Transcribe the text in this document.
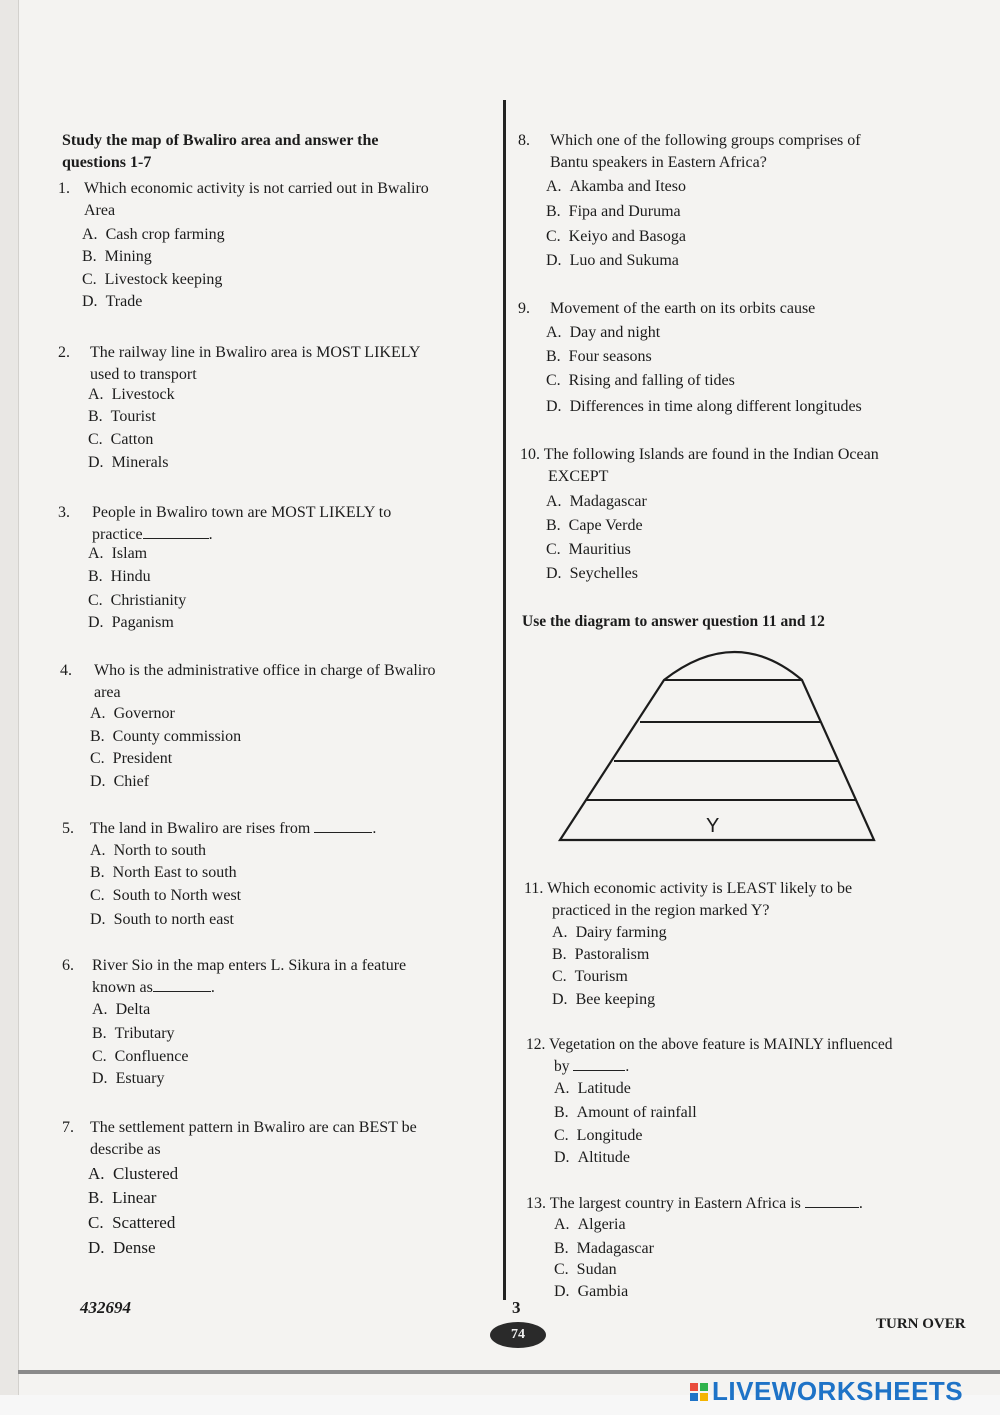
Study the map of Bwaliro area and answer the
questions 1-7
1. Which economic activity is not carried out in Bwaliro
Area
A. Cash crop farming
B. Mining
C. Livestock keeping
D. Trade
2. The railway line in Bwaliro area is MOST LIKELY
used to transport
A. Livestock
B. Tourist
C. Catton
D. Minerals
3. People in Bwaliro town are MOST LIKELY to
practice	.
A. Islam
B. Hindu
C. Christianity
D. Paganism
4. Who is the administrative office in charge of Bwaliro
area
A. Governor
B. County commission
C. President
D. Chief
5. The land in Bwaliro are rises from	.
A. North to south
B. North East to south
C. South to North west
D. South to north east
6. River Sio in the map enters L. Sikura in a feature
known as	.
A. Delta
B. Tributary
C. Confluence
D. Estuary
7. The settlement pattern in Bwaliro are can BEST be
describe as
A. Clustered
B. Linear
C. Scattered
D. Dense
8. Which one of the following groups comprises of
Bantu speakers in Eastern Africa?
A. Akamba and Iteso
B. Fipa and Duruma
C. Keiyo and Basoga
D. Luo and Sukuma
9. Movement of the earth on its orbits cause
A. Day and night
B. Four seasons
C. Rising and falling of tides
D. Differences in time along different longitudes
10. The following Islands are found in the Indian Ocean
EXCEPT
A. Madagascar
B. Cape Verde
C. Mauritius
D. Seychelles
Use the diagram to answer question 11 and 12
Y
11. Which economic activity is LEAST likely to be
practiced in the region marked Y?
A. Dairy farming
B. Pastoralism
C. Tourism
D. Bee keeping
12. Vegetation on the above feature is MAINLY influenced
by	.
A. Latitude
B. Amount of rainfall
C. Longitude
D. Altitude
13. The largest country in Eastern Africa is	.
A. Algeria
B. Madagascar
C. Sudan
D. Gambia
432694	3
74
TURN OVER
LIVEWORKSHEETS
